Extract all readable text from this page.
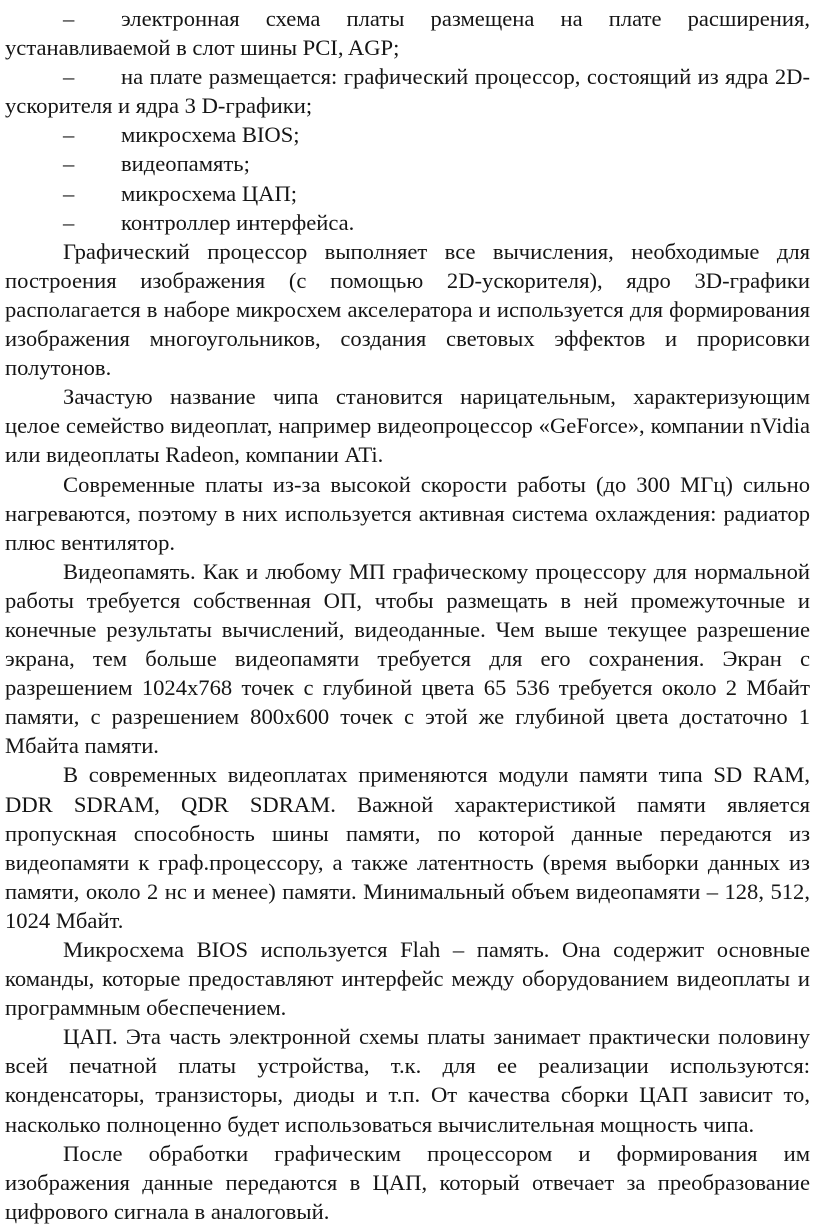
– электронная схема платы размещена на плате расширения, устанавливаемой в слот шины PCI, AGP;
– на плате размещается: графический процессор, состоящий из ядра 2D-ускорителя и ядра 3 D-графики;
– микросхема BIOS;
– видеопамять;
– микросхема ЦАП;
– контроллер интерфейса.

Графический процессор выполняет все вычисления, необходимые для построения изображения (с помощью 2D-ускорителя), ядро 3D-графики располагается в наборе микросхем акселератора и используется для формирования изображения многоугольников, создания световых эффектов и прорисовки полутонов.

Зачастую название чипа становится нарицательным, характеризующим целое семейство видеоплат, например видеопроцессор «GeForce», компании nVidia или видеоплаты Radeon, компании ATi.

Современные платы из-за высокой скорости работы (до 300 МГц) сильно нагреваются, поэтому в них используется активная система охлаждения: радиатор плюс вентилятор.

Видеопамять. Как и любому МП графическому процессору для нормальной работы требуется собственная ОП, чтобы размещать в ней промежуточные и конечные результаты вычислений, видеоданные. Чем выше текущее разрешение экрана, тем больше видеопамяти требуется для его сохранения. Экран с разрешением 1024x768 точек с глубиной цвета 65 536 требуется около 2 Мбайт памяти, с разрешением 800x600 точек с этой же глубиной цвета достаточно 1 Мбайта памяти.

В современных видеоплатах применяются модули памяти типа SD RAM, DDR SDRAM, QDR SDRAM. Важной характеристикой памяти является пропускная способность шины памяти, по которой данные передаются из видеопамяти к граф.процессору, а также латентность (время выборки данных из памяти, около 2 нс и менее) памяти. Минимальный объем видеопамяти – 128, 512, 1024 Мбайт.

Микросхема BIOS используется Flah – память. Она содержит основные команды, которые предоставляют интерфейс между оборудованием видеоплаты и программным обеспечением.

ЦАП. Эта часть электронной схемы платы занимает практически половину всей печатной платы устройства, т.к. для ее реализации используются: конденсаторы, транзисторы, диоды и т.п. От качества сборки ЦАП зависит то, насколько полноценно будет использоваться вычислительная мощность чипа.

После обработки графическим процессором и формирования им изображения данные передаются в ЦАП, который отвечает за преобразование цифрового сигнала в аналоговый.
